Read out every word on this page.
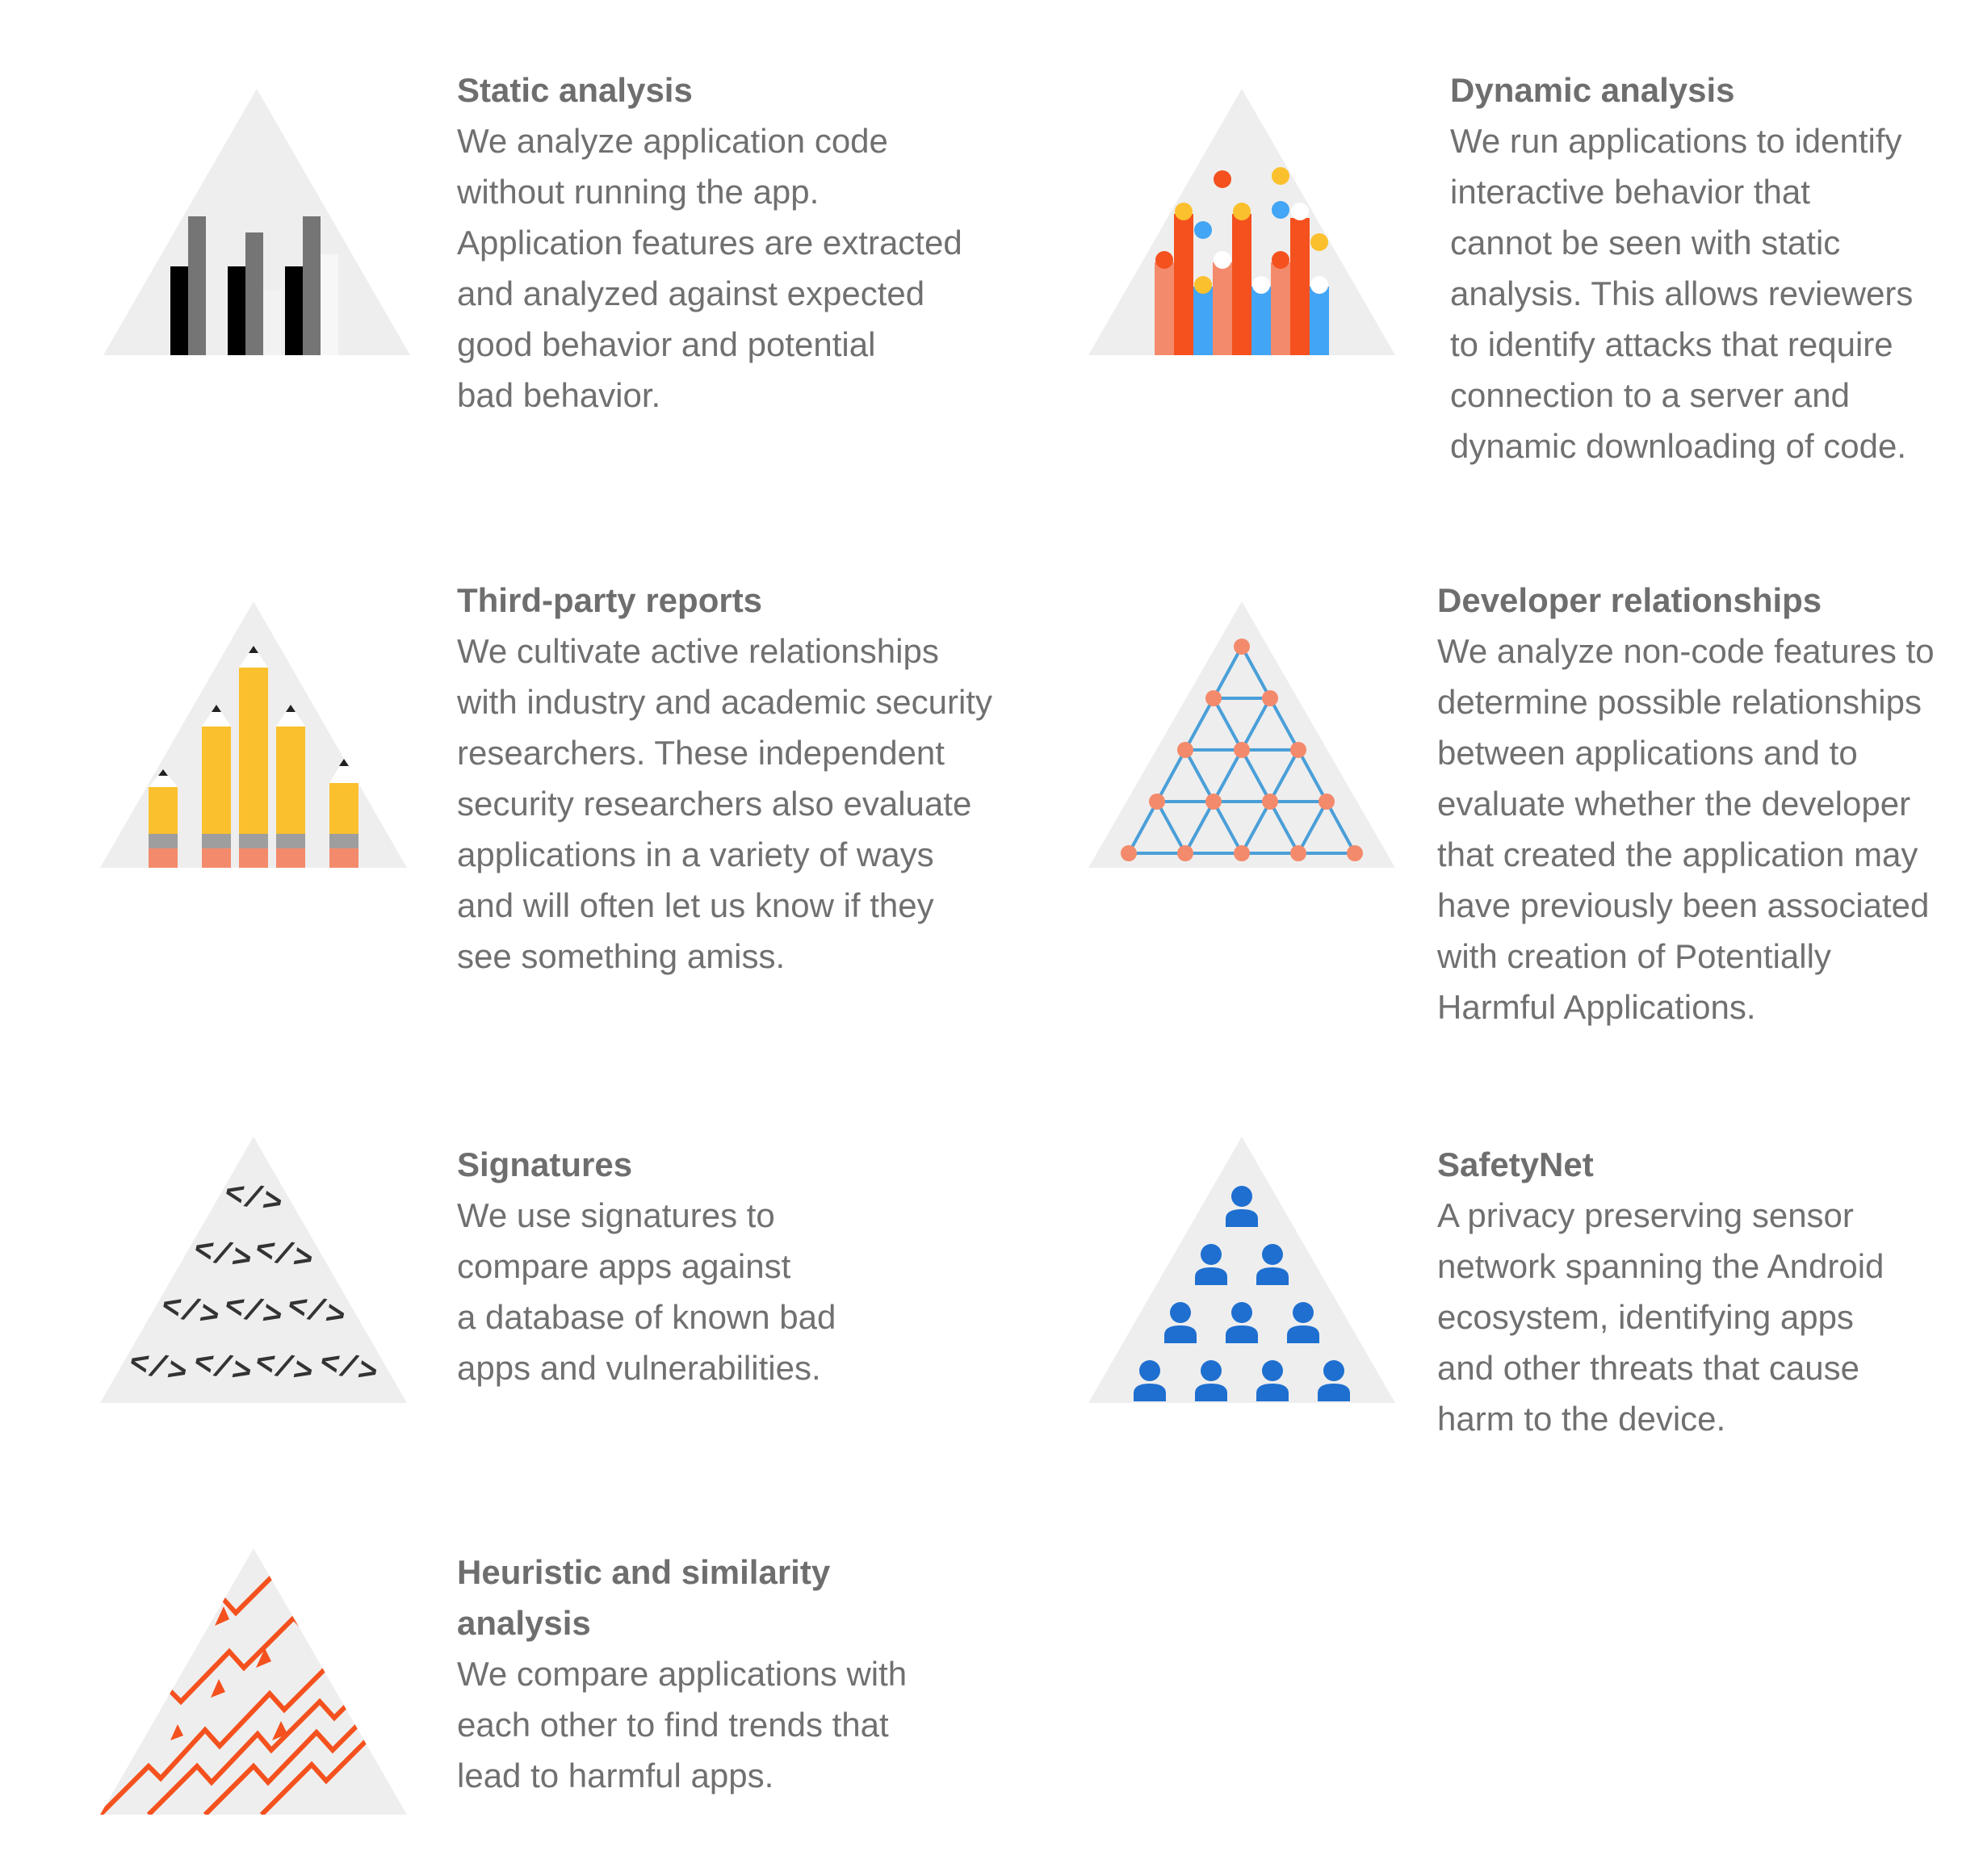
Static analysis
We analyze application code
without running the app.
Application features are extracted
and analyzed against expected
good behavior and potential
bad behavior.
Dynamic analysis
We run applications to identify
interactive behavior that
cannot be seen with static
analysis. This allows reviewers
to identify attacks that require
connection to a server and
dynamic downloading of code.
Third-party reports
We cultivate active relationships
with industry and academic security
researchers. These independent
security researchers also evaluate
applications in a variety of ways
and will often let us know if they
see something amiss.
Developer relationships
We analyze non-code features to
determine possible relationships
between applications and to
evaluate whether the developer
that created the application may
have previously been associated
with creation of Potentially
Harmful Applications.
</>
</>
</>
</>
</>
</>
</> </>
</> </>
Signatures
We use signatures to
compare apps against
a database of known bad
apps and vulnerabilities.
SafetyNet
A privacy preserving sensor
network spanning the Android
ecosystem, identifying apps
and other threats that cause
harm to the device.
Heuristic and similarity analysis
We compare applications with
each other to find trends that
lead to harmful apps.
